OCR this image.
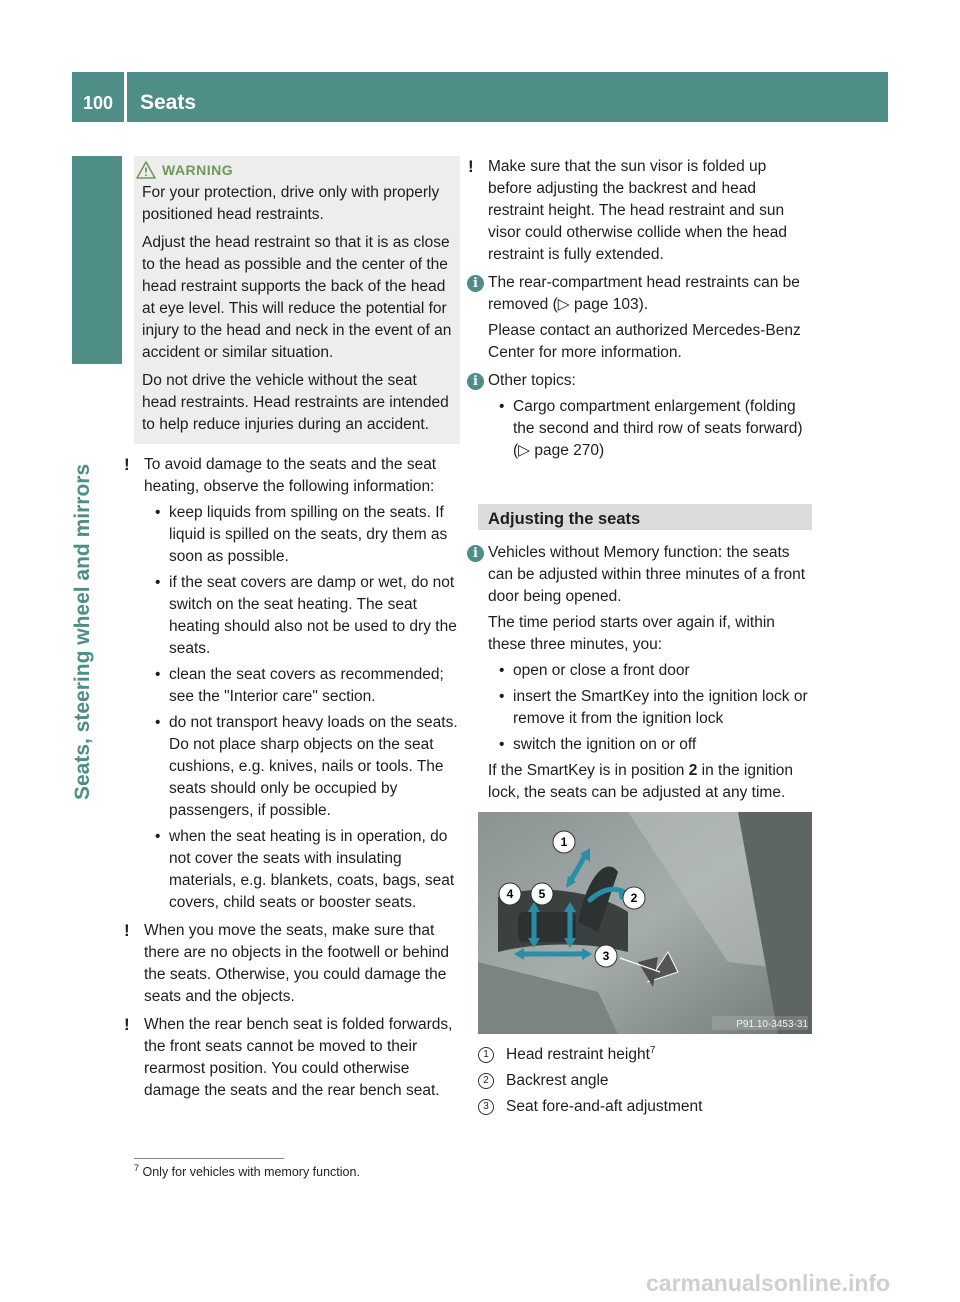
100	Seats
Seats, steering wheel and mirrors
WARNING

For your protection, drive only with properly positioned head restraints.

Adjust the head restraint so that it is as close to the head as possible and the center of the head restraint supports the back of the head at eye level. This will reduce the potential for injury to the head and neck in the event of an accident or similar situation.

Do not drive the vehicle without the seat head restraints. Head restraints are intended to help reduce injuries during an accident.

! To avoid damage to the seats and the seat heating, observe the following information:

• keep liquids from spilling on the seats. If liquid is spilled on the seats, dry them as soon as possible.
• if the seat covers are damp or wet, do not switch on the seat heating. The seat heating should also not be used to dry the seats.
• clean the seat covers as recommended; see the "Interior care" section.
• do not transport heavy loads on the seats. Do not place sharp objects on the seat cushions, e.g. knives, nails or tools. The seats should only be occupied by passengers, if possible.
• when the seat heating is in operation, do not cover the seats with insulating materials, e.g. blankets, coats, bags, seat covers, child seats or booster seats.
! When you move the seats, make sure that there are no objects in the footwell or behind the seats. Otherwise, you could damage the seats and the objects.

! When the rear bench seat is folded forwards, the front seats cannot be moved to their rearmost position. You could otherwise damage the seats and the rear bench seat.

! Make sure that the sun visor is folded up before adjusting the backrest and head restraint height. The head restraint and sun visor could otherwise collide when the head restraint is fully extended.

i The rear-compartment head restraints can be removed (▷ page 103).

Please contact an authorized Mercedes-Benz Center for more information.

i Other topics:

• Cargo compartment enlargement (folding the second and third row of seats forward) (▷ page 270)
Adjusting the seats
i Vehicles without Memory function: the seats can be adjusted within three minutes of a front door being opened.

The time period starts over again if, within these three minutes, you:

• open or close a front door
• insert the SmartKey into the ignition lock or remove it from the ignition lock
• switch the ignition on or off

If the SmartKey is in position 2 in the ignition lock, the seats can be adjusted at any time.

1
2
3
4 5
P91.10-3453-31
1	Head restraint height$^7$
2	Backrest angle
3	Seat fore-and-aft adjustment
$^7$ Only for vehicles with memory function.
carmanualsonline.info
